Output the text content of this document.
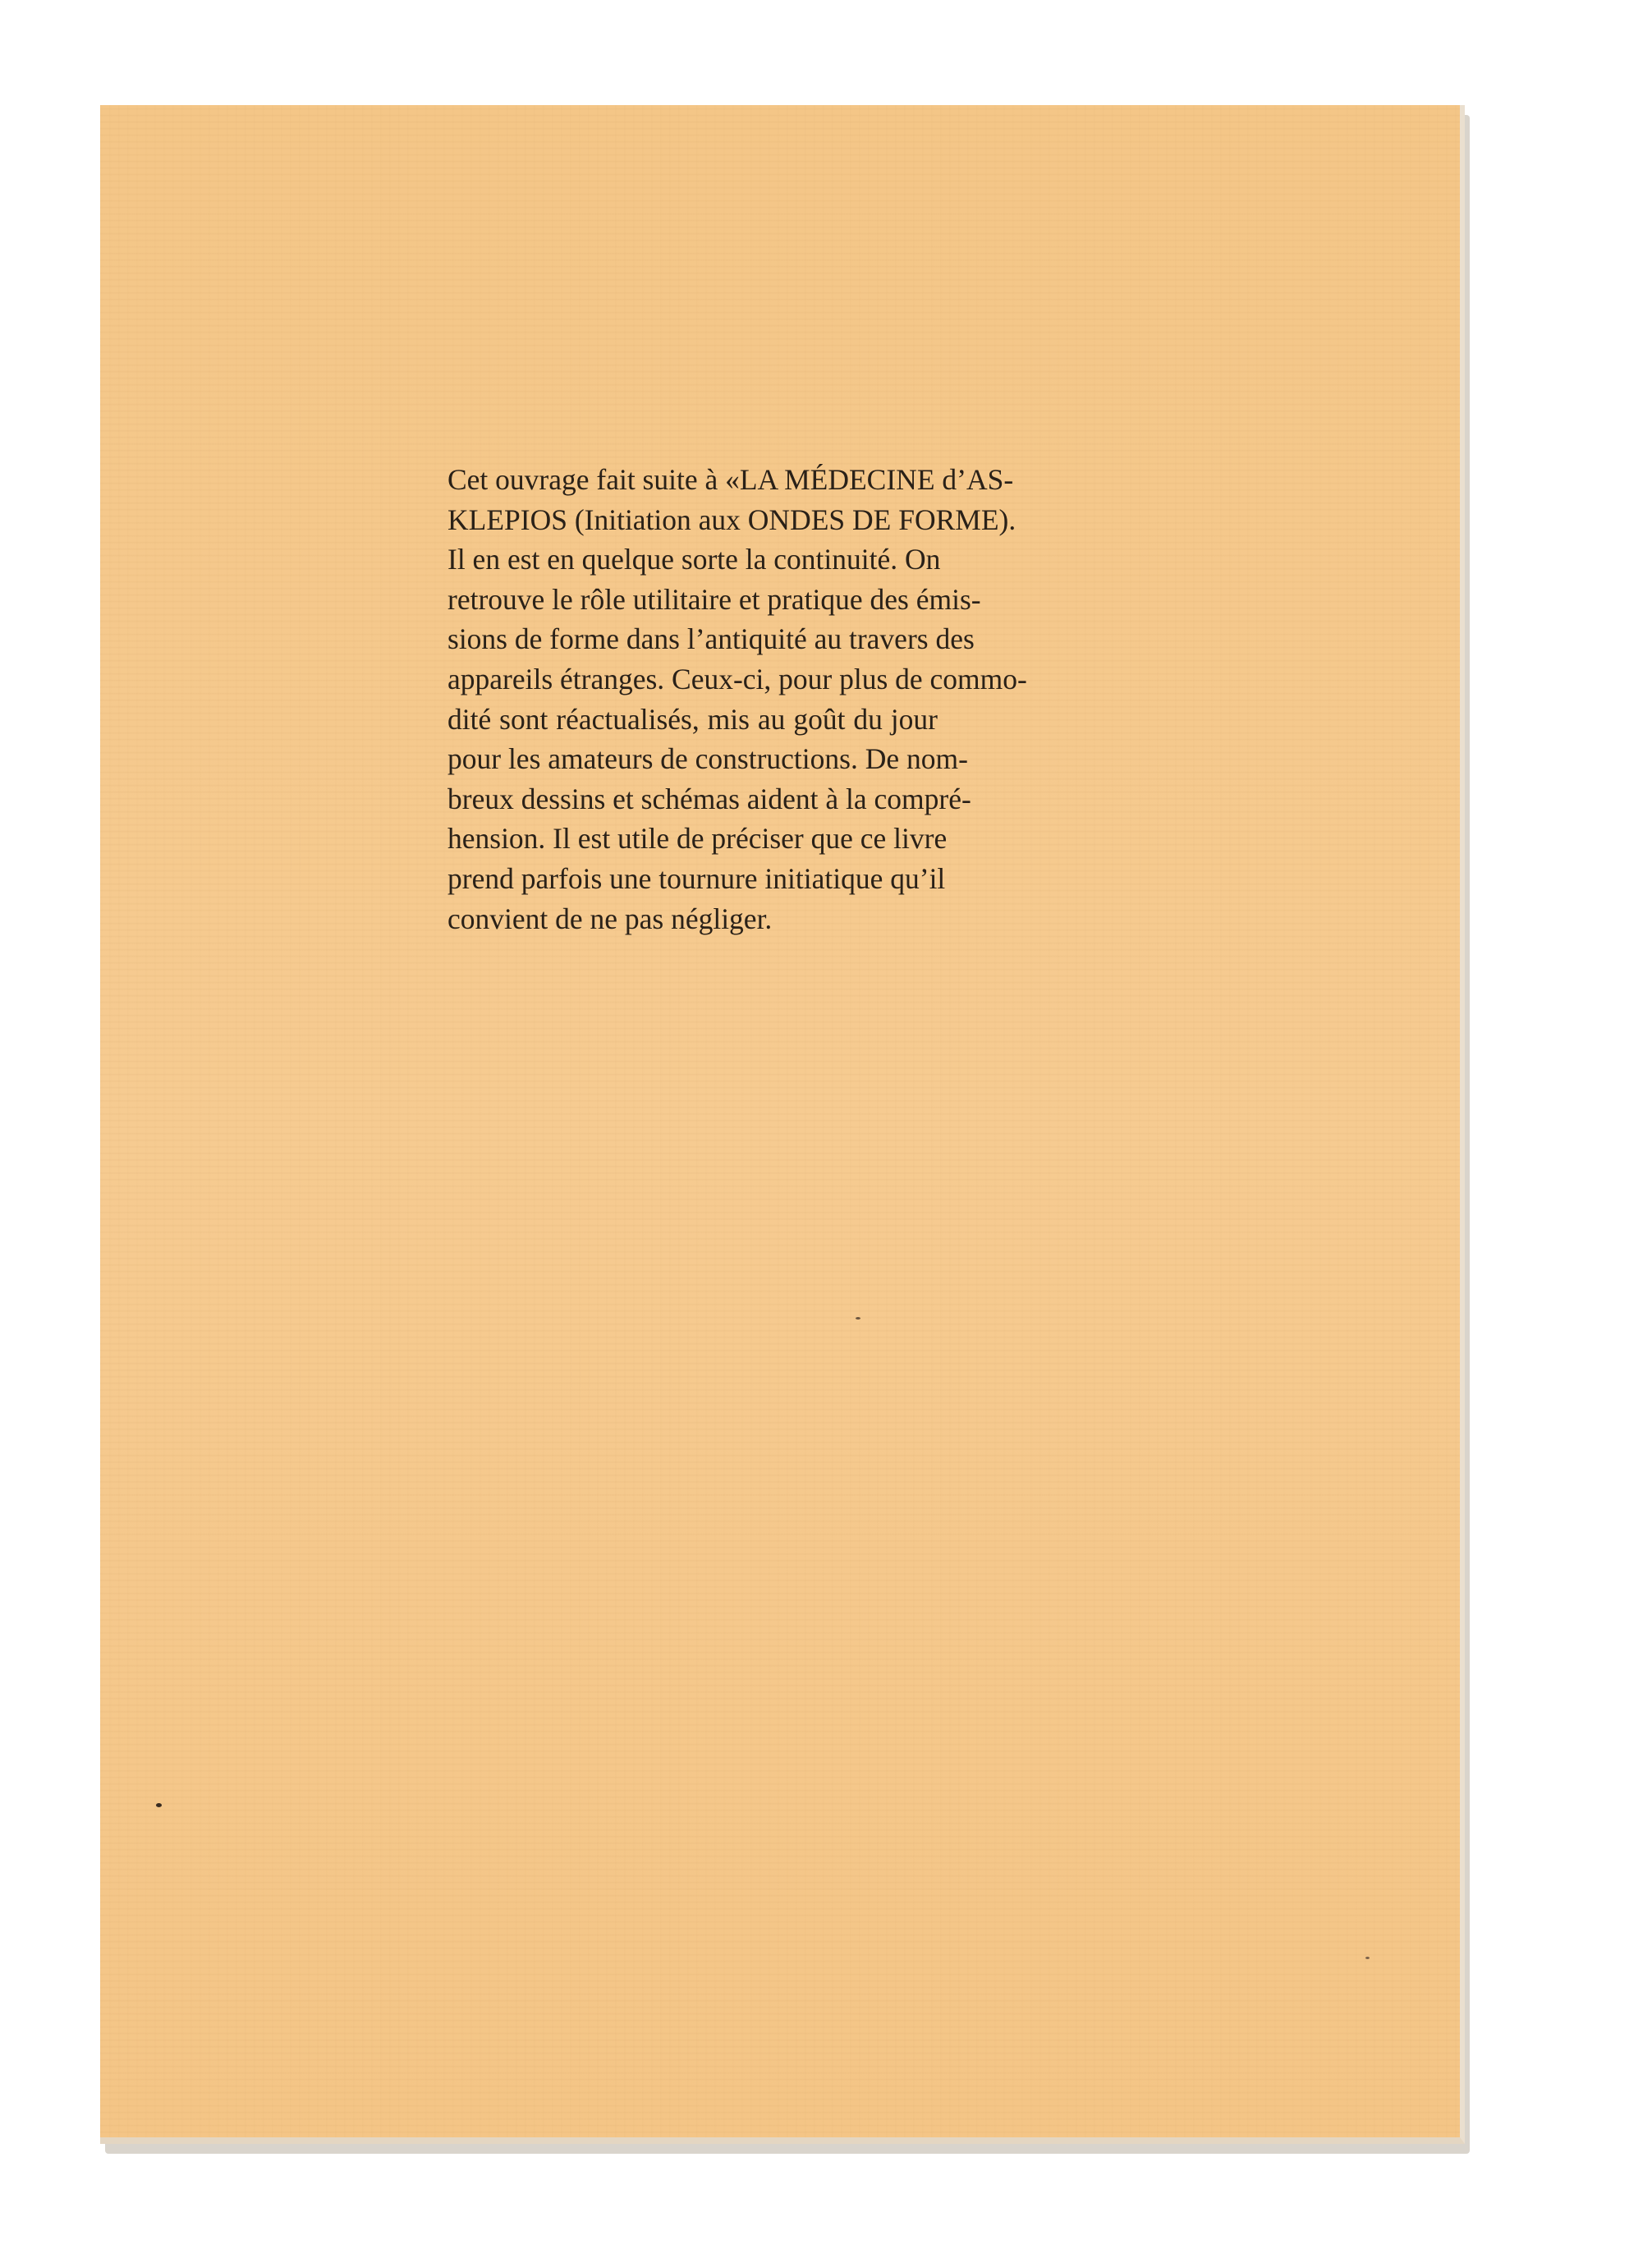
Cet ouvrage fait suite à «LA MÉDECINE d’AS-
KLEPIOS (Initiation aux ONDES DE FORME).
Il en est en quelque sorte la continuité. On
retrouve le rôle utilitaire et pratique des émis-
sions de forme dans l’antiquité au travers des
appareils étranges. Ceux-ci, pour plus de commo-
dité sont réactualisés, mis au goût du jour
pour les amateurs de constructions. De nom-
breux dessins et schémas aident à la compré-
hension. Il est utile de préciser que ce livre
prend parfois une tournure initiatique qu’il
convient de ne pas négliger.
